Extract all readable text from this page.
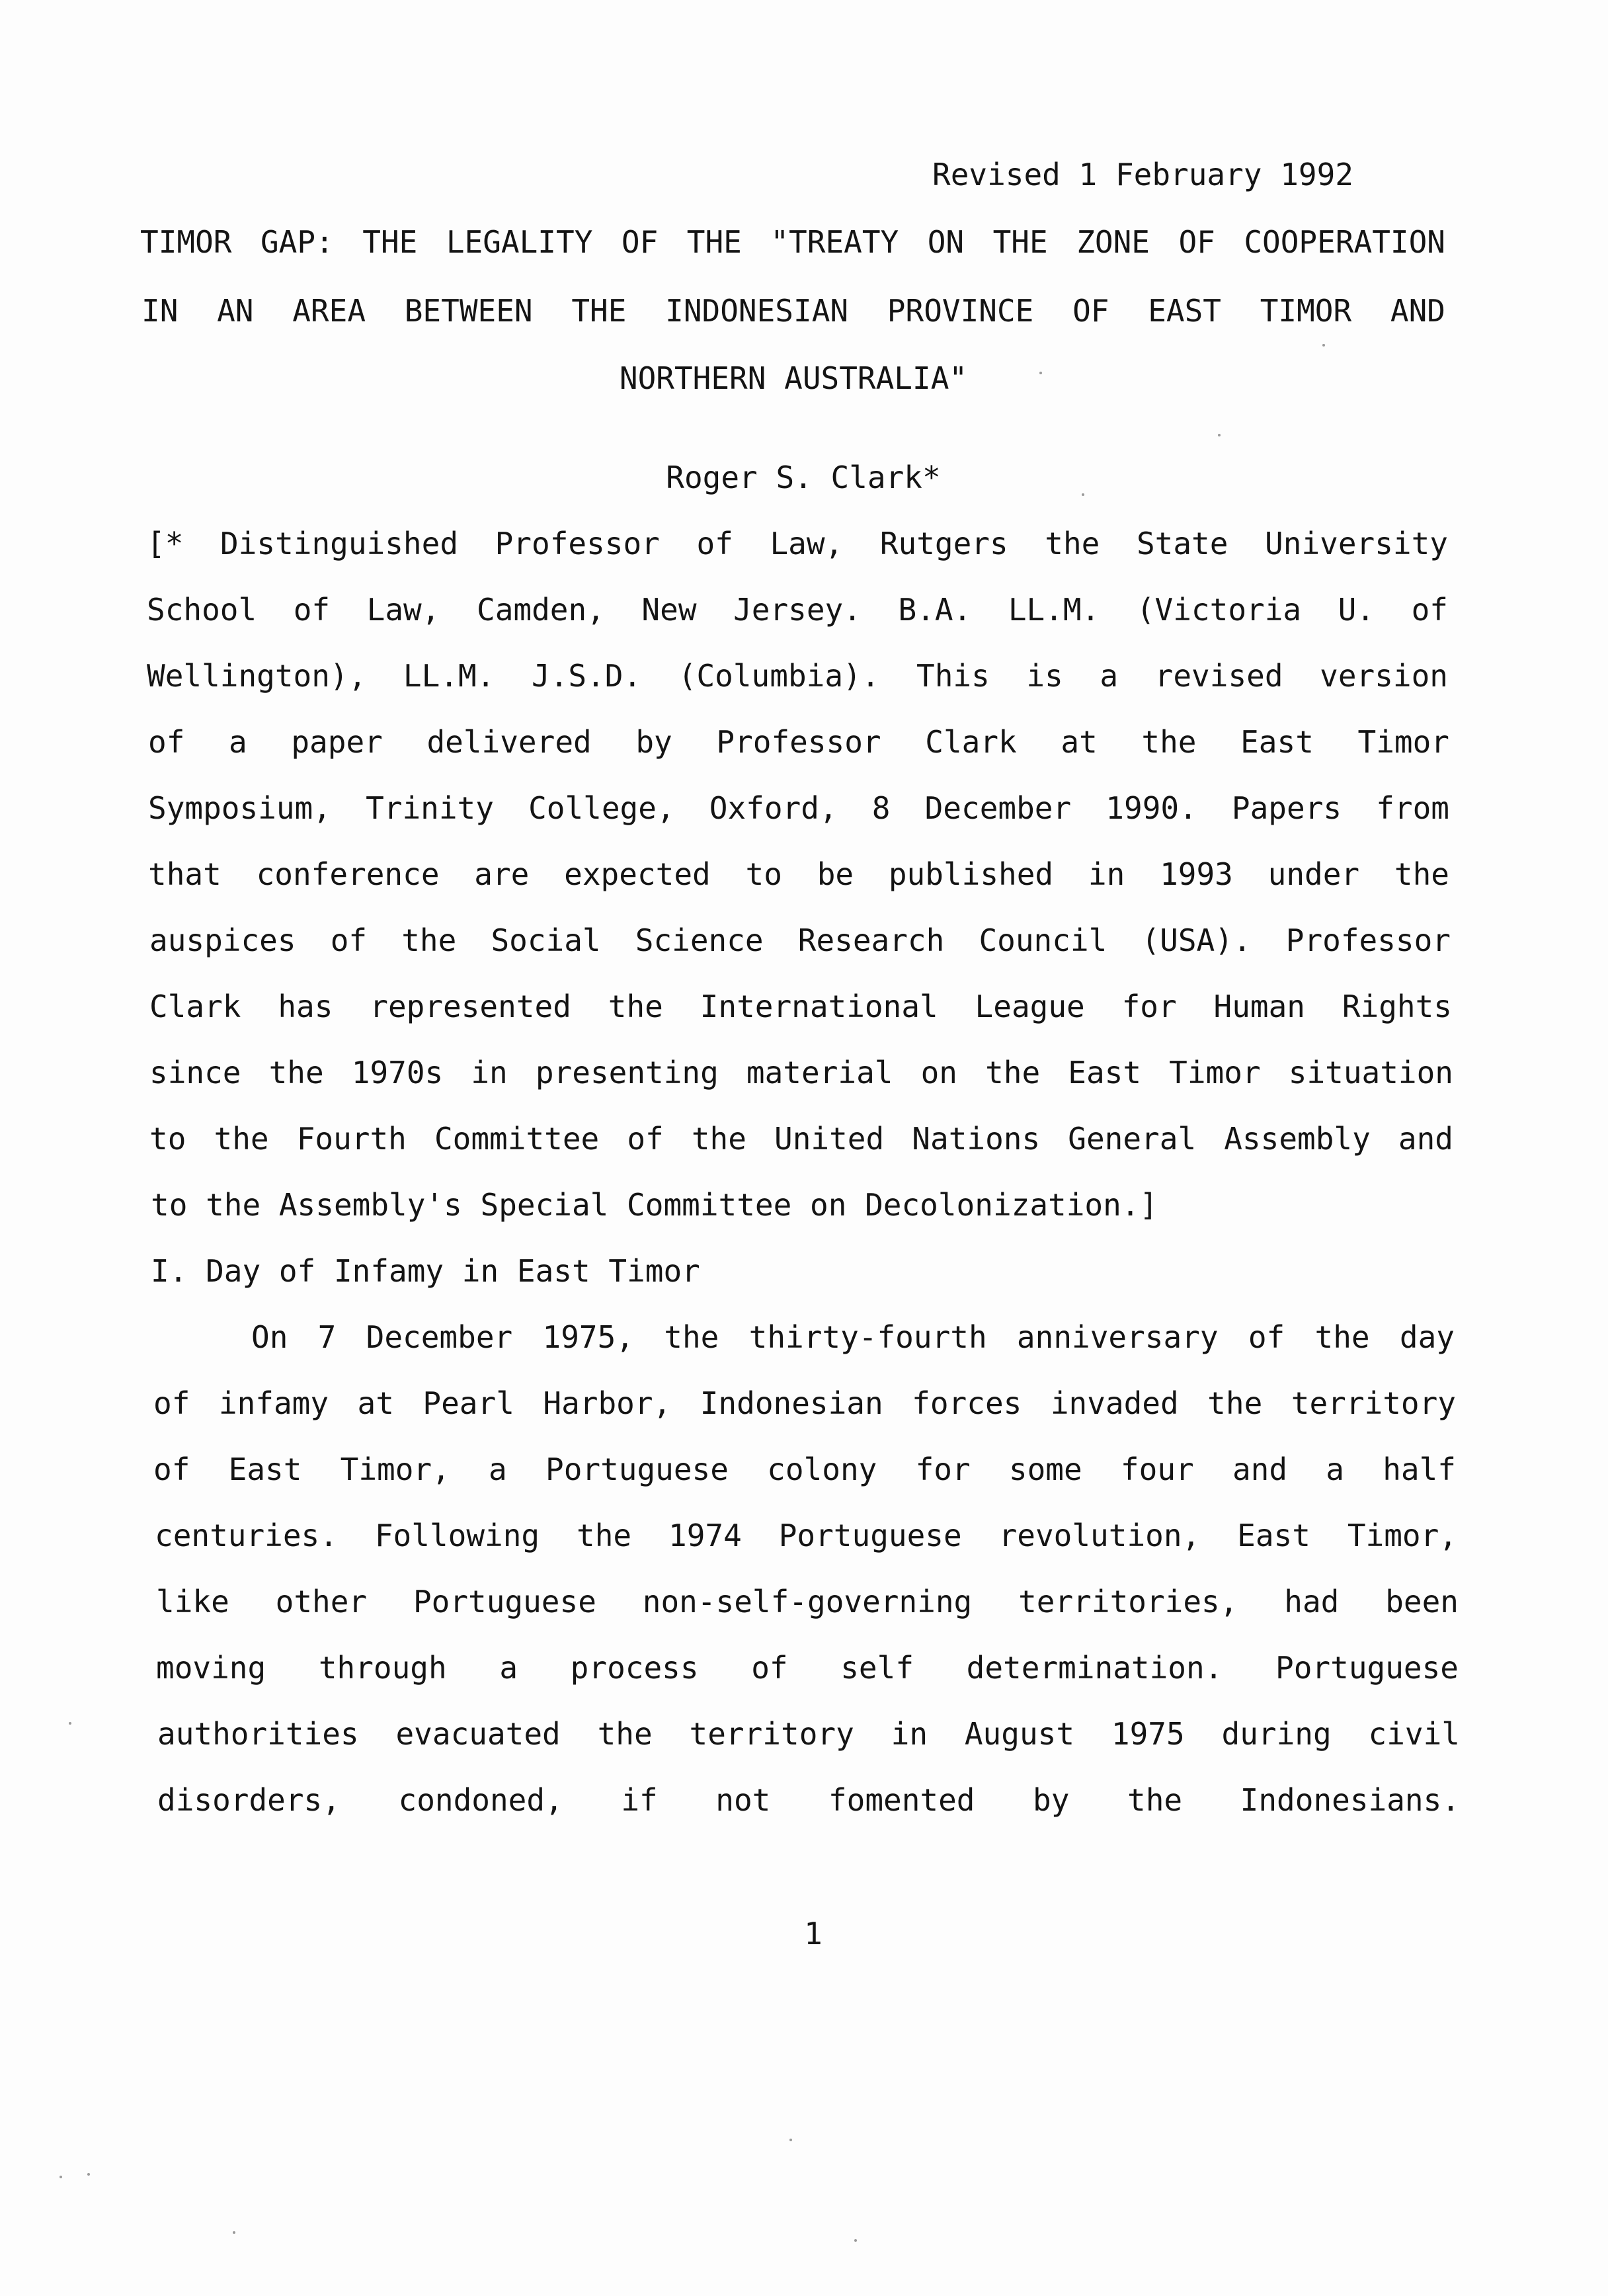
Revised 1 February 1992
TIMOR GAP: THE LEGALITY OF THE "TREATY ON THE ZONE OF COOPERATION
IN AN AREA BETWEEN THE INDONESIAN PROVINCE OF EAST TIMOR AND
NORTHERN AUSTRALIA"
Roger S. Clark*
[* Distinguished Professor of Law, Rutgers the State University
School of Law, Camden, New Jersey. B.A. LL.M. (Victoria U. of
Wellington), LL.M. J.S.D. (Columbia). This is a revised version
of a paper delivered by Professor Clark at the East Timor
Symposium, Trinity College, Oxford, 8 December 1990. Papers from
that conference are expected to be published in 1993 under the
auspices of the Social Science Research Council (USA). Professor
Clark has represented the International League for Human Rights
since the 1970s in presenting material on the East Timor situation
to the Fourth Committee of the United Nations General Assembly and
to the Assembly's Special Committee on Decolonization.]
I. Day of Infamy in East Timor
On 7 December 1975, the thirty-fourth anniversary of the day
of infamy at Pearl Harbor, Indonesian forces invaded the territory
of East Timor, a Portuguese colony for some four and a half
centuries. Following the 1974 Portuguese revolution, East Timor,
like other Portuguese non-self-governing territories, had been
moving through a process of self determination. Portuguese
authorities evacuated the territory in August 1975 during civil
disorders, condoned, if not fomented by the Indonesians.
1
